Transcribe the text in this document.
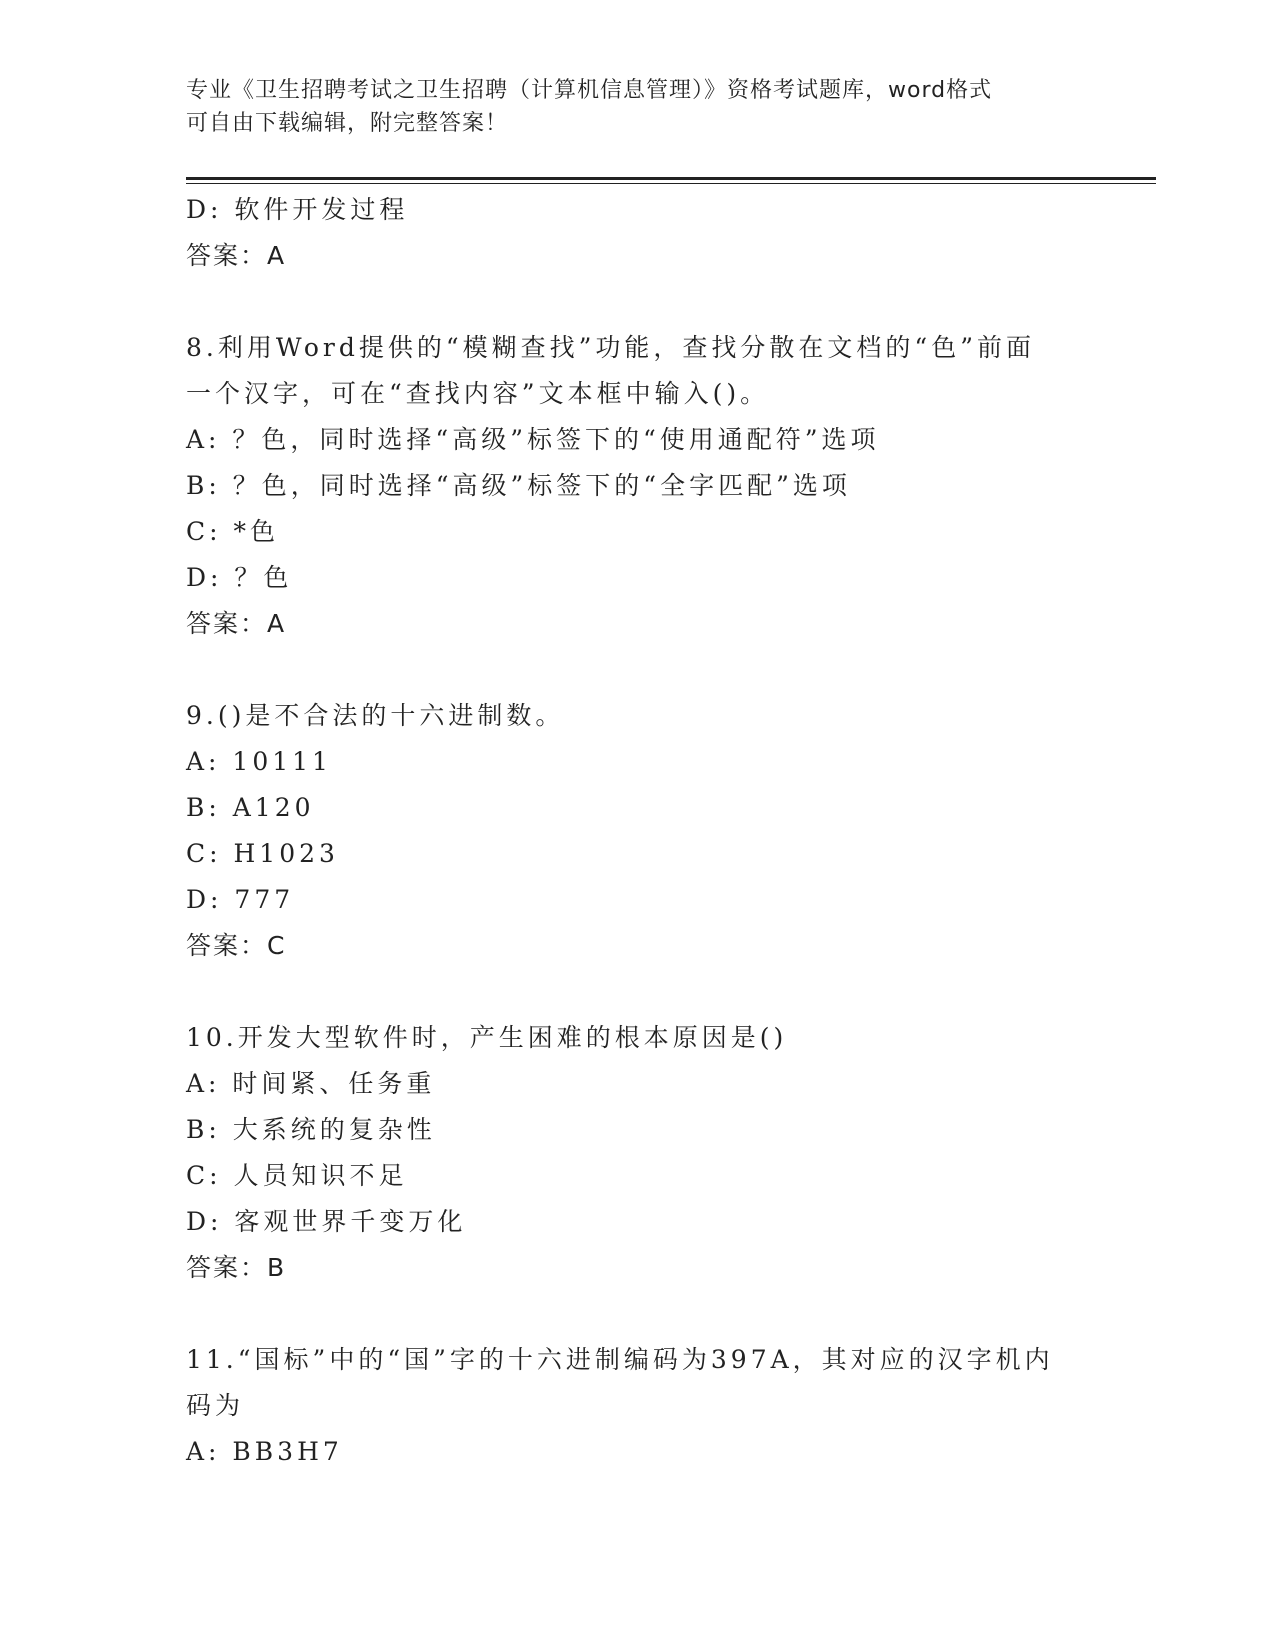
专业《卫生招聘考试之卫生招聘（计算机信息管理）》资格考试题库，word格式
可自由下载编辑，附完整答案！
D: 软件开发过程
答案：A
8.利用Word提供的“模糊查找”功能，查找分散在文档的“色”前面
一个汉字，可在“查找内容”文本框中输入()。
A: ？色，同时选择“高级”标签下的“使用通配符”选项
B: ？色，同时选择“高级”标签下的“全字匹配”选项
C: *色
D: ？色
答案：A
9.()是不合法的十六进制数。
A: 10111
B: A120
C: H1023
D: 777
答案：C
10.开发大型软件时，产生困难的根本原因是()
A: 时间紧、任务重
B: 大系统的复杂性
C: 人员知识不足
D: 客观世界千变万化
答案：B
11.“国标”中的“国”字的十六进制编码为397A，其对应的汉字机内
码为
A: BB3H7
